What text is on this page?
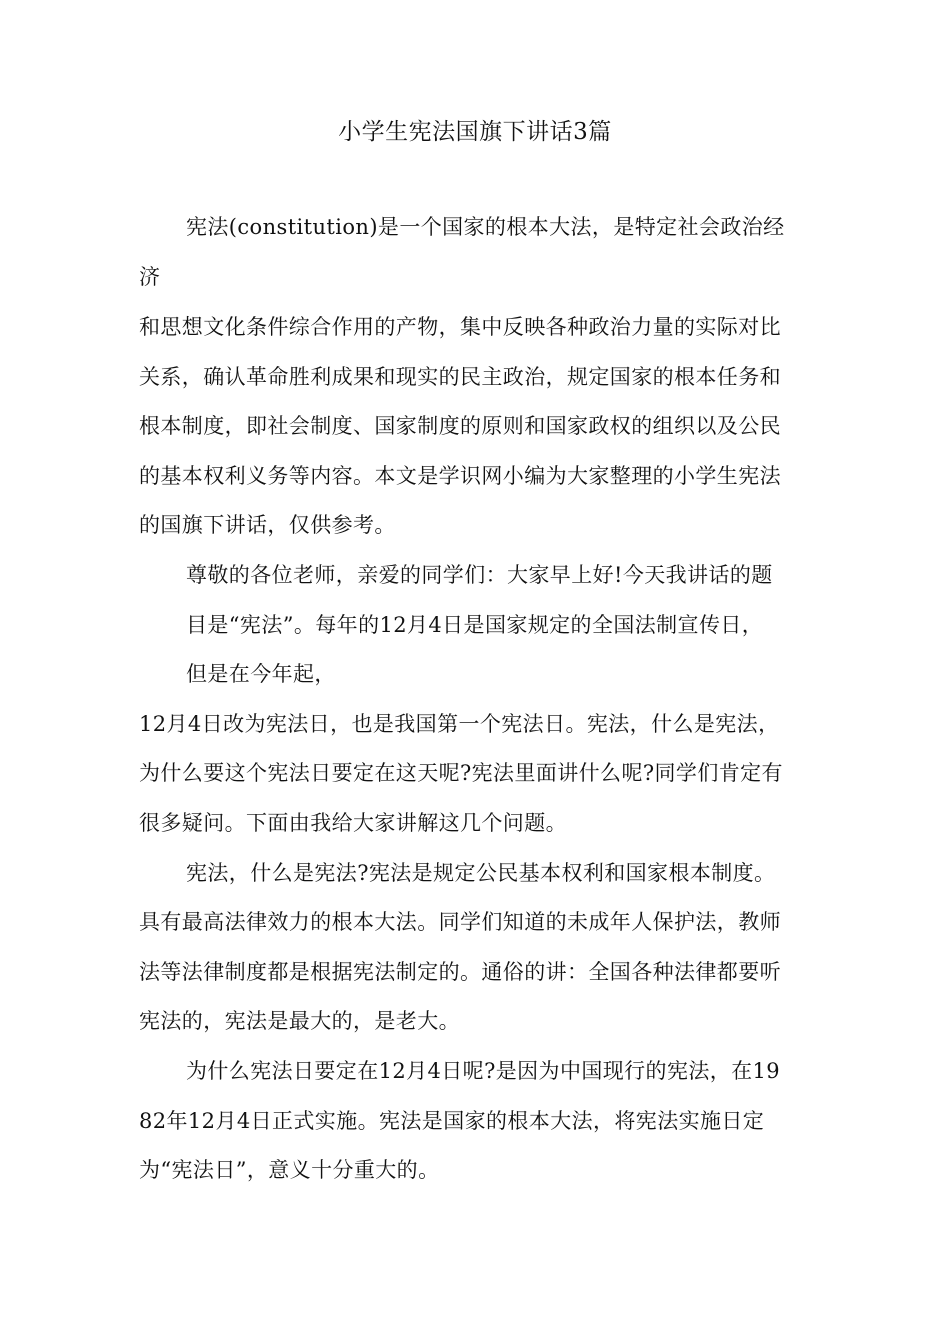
小学生宪法国旗下讲话3篇
宪法(constitution)是一个国家的根本大法，是特定社会政治经
济
和思想文化条件综合作用的产物，集中反映各种政治力量的实际对比
关系，确认革命胜利成果和现实的民主政治，规定国家的根本任务和
根本制度，即社会制度、国家制度的原则和国家政权的组织以及公民
的基本权利义务等内容。本文是学识网小编为大家整理的小学生宪法
的国旗下讲话，仅供参考。
尊敬的各位老师，亲爱的同学们：大家早上好!今天我讲话的题
目是“宪法”。每年的12月4日是国家规定的全国法制宣传日，
但是在今年起，
12月4日改为宪法日，也是我国第一个宪法日。宪法，什么是宪法，
为什么要这个宪法日要定在这天呢?宪法里面讲什么呢?同学们肯定有
很多疑问。下面由我给大家讲解这几个问题。
宪法，什么是宪法?宪法是规定公民基本权利和国家根本制度。
具有最高法律效力的根本大法。同学们知道的未成年人保护法，教师
法等法律制度都是根据宪法制定的。通俗的讲：全国各种法律都要听
宪法的，宪法是最大的，是老大。
为什么宪法日要定在12月4日呢?是因为中国现行的宪法，在19
82年12月4日正式实施。宪法是国家的根本大法，将宪法实施日定
为“宪法日”，意义十分重大的。
